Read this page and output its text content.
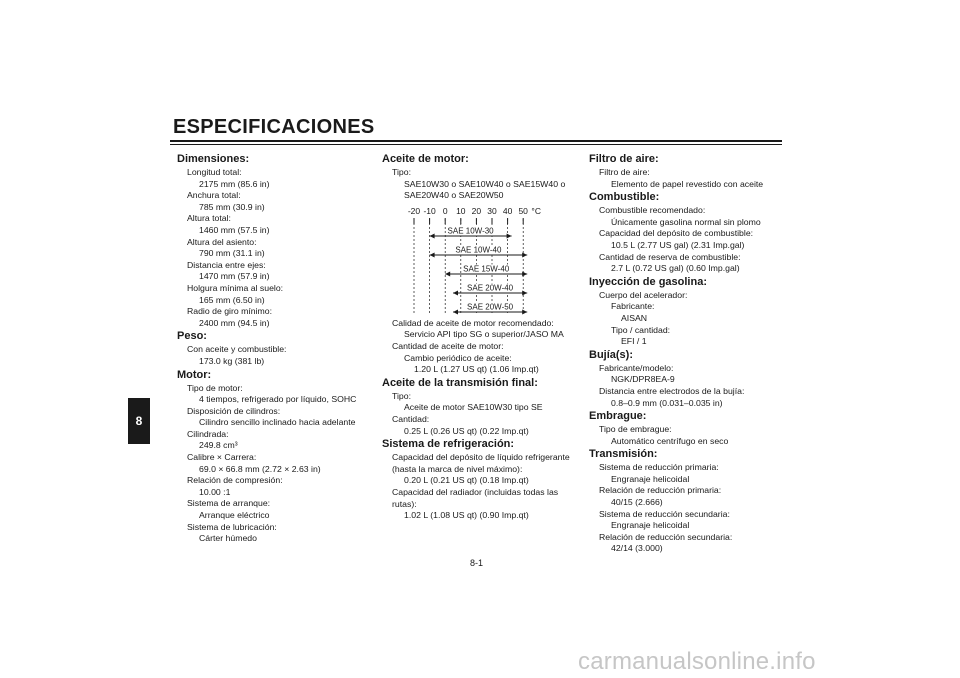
ESPECIFICACIONES
8
Dimensiones:
Longitud total:
2175 mm (85.6 in)
Anchura total:
785 mm (30.9 in)
Altura total:
1460 mm (57.5 in)
Altura del asiento:
790 mm (31.1 in)
Distancia entre ejes:
1470 mm (57.9 in)
Holgura mínima al suelo:
165 mm (6.50 in)
Radio de giro mínimo:
2400 mm (94.5 in)
Peso:
Con aceite y combustible:
173.0 kg (381 lb)
Motor:
Tipo de motor:
4 tiempos, refrigerado por líquido, SOHC
Disposición de cilindros:
Cilindro sencillo inclinado hacia adelante
Cilindrada:
249.8 cm³
Calibre × Carrera:
69.0 × 66.8 mm (2.72 × 2.63 in)
Relación de compresión:
10.00 :1
Sistema de arranque:
Arranque eléctrico
Sistema de lubricación:
Cárter húmedo
Aceite de motor:
Tipo:
SAE10W30 o SAE10W40 o SAE15W40 o
SAE20W40 o SAE20W50
-20 -10 0 10 20 30 40 50 °C
SAE 10W-30
SAE 10W-40
SAE 15W-40
SAE 20W-40
SAE 20W-50
Calidad de aceite de motor recomendado:
Servicio API tipo SG o superior/JASO MA
Cantidad de aceite de motor:
Cambio periódico de aceite:
1.20 L (1.27 US qt) (1.06 Imp.qt)
Aceite de la transmisión final:
Tipo:
Aceite de motor SAE10W30 tipo SE
Cantidad:
0.25 L (0.26 US qt) (0.22 Imp.qt)
Sistema de refrigeración:
Capacidad del depósito de líquido refrigerante
(hasta la marca de nivel máximo):
0.20 L (0.21 US qt) (0.18 Imp.qt)
Capacidad del radiador (incluidas todas las
rutas):
1.02 L (1.08 US qt) (0.90 Imp.qt)
Filtro de aire:
Filtro de aire:
Elemento de papel revestido con aceite
Combustible:
Combustible recomendado:
Únicamente gasolina normal sin plomo
Capacidad del depósito de combustible:
10.5 L (2.77 US gal) (2.31 Imp.gal)
Cantidad de reserva de combustible:
2.7 L (0.72 US gal) (0.60 Imp.gal)
Inyección de gasolina:
Cuerpo del acelerador:
Fabricante:
AISAN
Tipo / cantidad:
EFI / 1
Bujía(s):
Fabricante/modelo:
NGK/DPR8EA-9
Distancia entre electrodos de la bujía:
0.8–0.9 mm (0.031–0.035 in)
Embrague:
Tipo de embrague:
Automático centrífugo en seco
Transmisión:
Sistema de reducción primaria:
Engranaje helicoidal
Relación de reducción primaria:
40/15 (2.666)
Sistema de reducción secundaria:
Engranaje helicoidal
Relación de reducción secundaria:
42/14 (3.000)
8-1
carmanualsonline.info
